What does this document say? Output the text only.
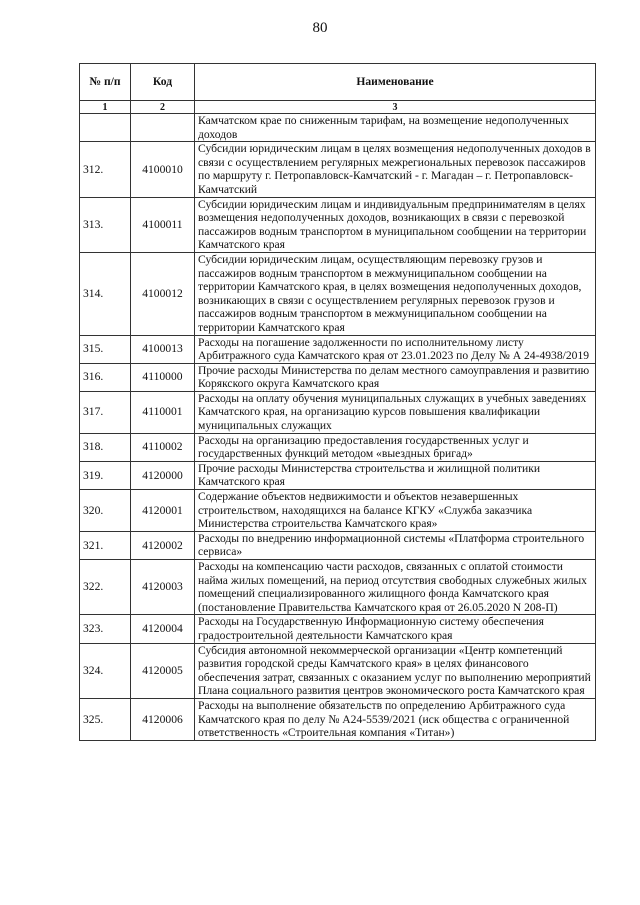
80
№ п/п	Код	Наименование
1	2	3
		Камчатском крае по сниженным тарифам, на возмещение недополученных доходов
312.	4100010	Субсидии юридическим лицам в целях возмещения недополученных доходов в связи с осуществлением регулярных межрегиональных перевозок пассажиров по маршруту г. Петропавловск-Камчатский - г. Магадан – г. Петропавловск-Камчатский
313.	4100011	Субсидии юридическим лицам и индивидуальным предпринимателям в целях возмещения недополученных доходов, возникающих в связи с перевозкой пассажиров водным транспортом в муниципальном сообщении на территории Камчатского края
314.	4100012	Субсидии юридическим лицам, осуществляющим перевозку грузов и пассажиров водным транспортом в межмуниципальном сообщении на территории Камчатского края, в целях возмещения недополученных доходов, возникающих в связи с осуществлением регулярных перевозок грузов и пассажиров водным транспортом в межмуниципальном сообщении на территории Камчатского края
315.	4100013	Расходы на погашение задолженности по исполнительному листу Арбитражного суда Камчатского края от 23.01.2023 по Делу № А 24-4938/2019
316.	4110000	Прочие расходы Министерства по делам местного самоуправления и развитию Корякского округа Камчатского края
317.	4110001	Расходы на оплату обучения муниципальных служащих в учебных заведениях Камчатского края, на организацию курсов повышения квалификации муниципальных служащих
318.	4110002	Расходы на организацию предоставления государственных услуг и государственных функций методом «выездных бригад»
319.	4120000	Прочие расходы Министерства строительства и жилищной политики Камчатского края
320.	4120001	Содержание объектов недвижимости и объектов незавершенных строительством, находящихся на балансе КГКУ «Служба заказчика Министерства строительства Камчатского края»
321.	4120002	Расходы по внедрению информационной системы «Платформа строительного сервиса»
322.	4120003	Расходы на компенсацию части расходов, связанных с оплатой стоимости найма жилых помещений, на период отсутствия свободных служебных жилых помещений специализированного жилищного фонда Камчатского края (постановление Правительства Камчатского края от 26.05.2020 N 208-П)
323.	4120004	Расходы на Государственную Информационную систему обеспечения градостроительной деятельности Камчатского края
324.	4120005	Субсидия автономной некоммерческой организации «Центр компетенций развития городской среды Камчатского края» в целях финансового обеспечения затрат, связанных с оказанием услуг по выполнению мероприятий Плана социального развития центров экономического роста Камчатского края
325.	4120006	Расходы на выполнение обязательств по определению Арбитражного суда Камчатского края по делу № А24-5539/2021 (иск общества с ограниченной ответственность «Строительная компания «Титан»)
